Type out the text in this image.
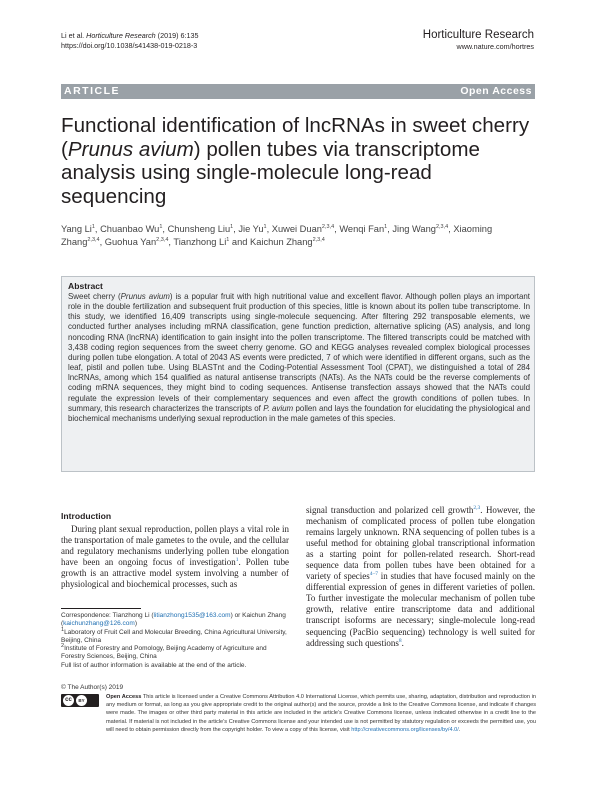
Li et al. Horticulture Research (2019) 6:135
https://doi.org/10.1038/s41438-019-0218-3
Horticulture Research
www.nature.com/hortres
ARTICLE	Open Access
Functional identification of lncRNAs in sweet cherry (Prunus avium) pollen tubes via transcriptome analysis using single-molecule long-read sequencing
Yang Li$^1$, Chuanbao Wu$^1$, Chunsheng Liu$^1$, Jie Yu$^1$, Xuwei Duan$^{2,3,4}$, Wenqi Fan$^1$, Jing Wang$^{2,3,4}$, Xiaoming Zhang$^{2,3,4}$, Guohua Yan$^{2,3,4}$, Tianzhong Li$^1$ and Kaichun Zhang$^{2,3,4}$
Abstract

Sweet cherry (Prunus avium) is a popular fruit with high nutritional value and excellent flavor. Although pollen plays an important role in the double fertilization and subsequent fruit production of this species, little is known about its pollen tube transcriptome. In this study, we identified 16,409 transcripts using single-molecule sequencing. After filtering 292 transposable elements, we conducted further analyses including mRNA classification, gene function prediction, alternative splicing (AS) analysis, and long noncoding RNA (lncRNA) identification to gain insight into the pollen transcriptome. The filtered transcripts could be matched with 3,438 coding region sequences from the sweet cherry genome. GO and KEGG analyses revealed complex biological processes during pollen tube elongation. A total of 2043 AS events were predicted, 7 of which were identified in different organs, such as the leaf, pistil and pollen tube. Using BLASTnt and the Coding-Potential Assessment Tool (CPAT), we distinguished a total of 284 lncRNAs, among which 154 qualified as natural antisense transcripts (NATs). As the NATs could be the reverse complements of coding mRNA sequences, they might bind to coding sequences. Antisense transfection assays showed that the NATs could regulate the expression levels of their complementary sequences and even affect the growth conditions of pollen tubes. In summary, this research characterizes the transcripts of P. avium pollen and lays the foundation for elucidating the physiological and biochemical mechanisms underlying sexual reproduction in the male gametes of this species.

Introduction

During plant sexual reproduction, pollen plays a vital role in the transportation of male gametes to the ovule, and the cellular and regulatory mechanisms underlying pollen tube elongation have been an ongoing focus of investigation$^1$. Pollen tube growth is an attractive model system involving a number of physiological and biochemical processes, such as

signal transduction and polarized cell growth$^{2,3}$. However, the mechanism of complicated process of pollen tube elongation remains largely unknown. RNA sequencing of pollen tubes is a useful method for obtaining global transcriptional information as a starting point for pollen-related research. Short-read sequence data from pollen tubes have been obtained for a variety of species$^{4-7}$ in studies that have focused mainly on the differential expression of genes in different varieties of pollen. To further investigate the molecular mechanism of pollen tube growth, relative entire transcriptome data and additional transcript isoforms are necessary; single-molecule long-read sequencing (PacBio sequencing) technology is well suited for addressing such questions$^8$.

Correspondence: Tianzhong Li (litianzhong1535@163.com) or Kaichun Zhang (kaichunzhang@126.com)

$^1$Laboratory of Fruit Cell and Molecular Breeding, China Agricultural University, Beijing, China

$^2$Institute of Forestry and Pomology, Beijing Academy of Agriculture and Forestry Sciences, Beijing, China

Full list of author information is available at the end of the article.

© The Author(s) 2019
cc	BY
Open Access This article is licensed under a Creative Commons Attribution 4.0 International License, which permits use, sharing, adaptation, distribution and reproduction in any medium or format, as long as you give appropriate credit to the original author(s) and the source, provide a link to the Creative Commons license, and indicate if changes were made. The images or other third party material in this article are included in the article’s Creative Commons license, unless indicated otherwise in a credit line to the material. If material is not included in the article’s Creative Commons license and your intended use is not permitted by statutory regulation or exceeds the permitted use, you will need to obtain permission directly from the copyright holder. To view a copy of this license, visit http://creativecommons.org/licenses/by/4.0/.
